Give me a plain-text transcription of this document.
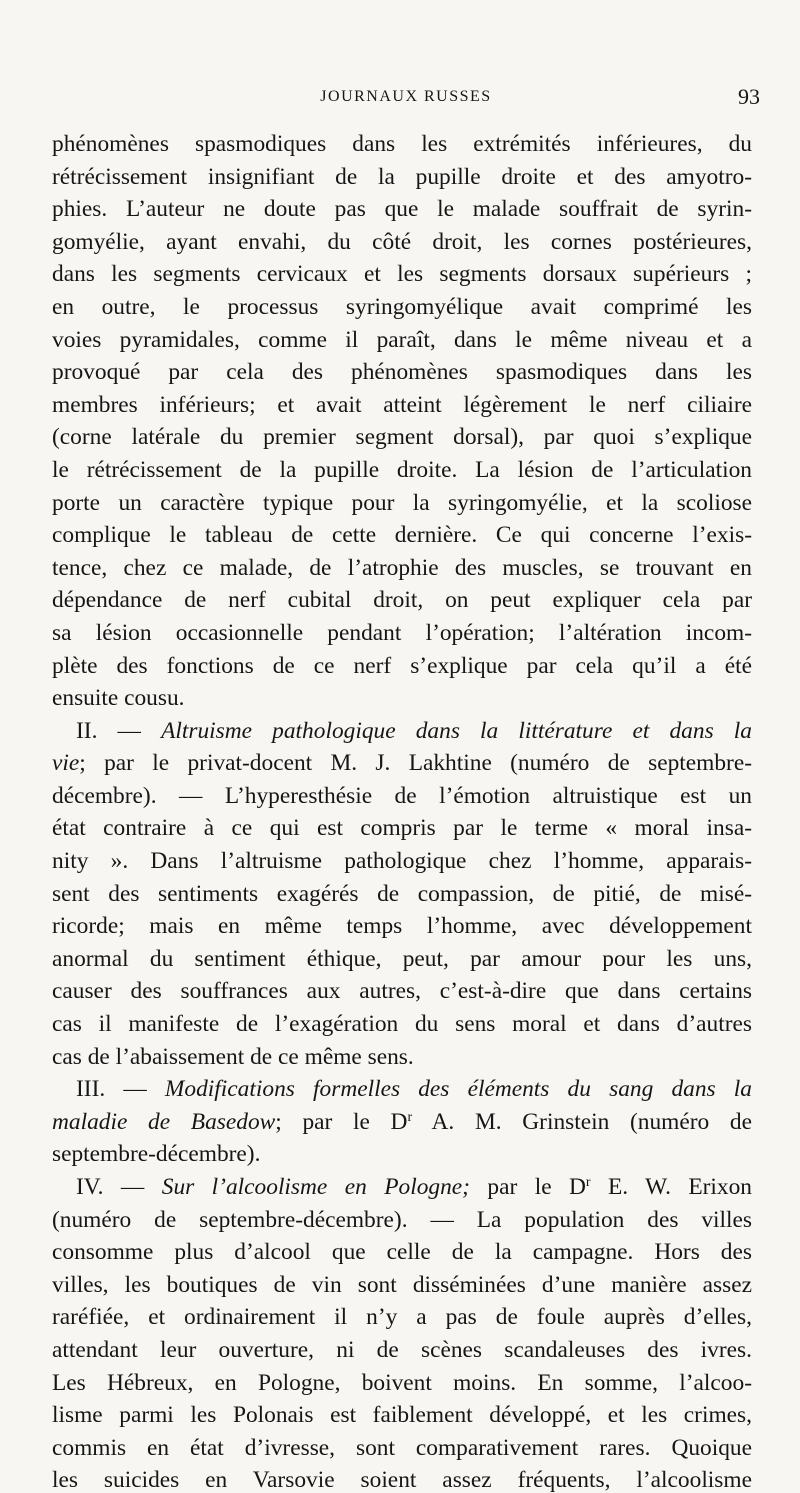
JOURNAUX RUSSES	93
phénomènes spasmodiques dans les extrémités inférieures, du
rétrécissement insignifiant de la pupille droite et des amyotro-
phies. L’auteur ne doute pas que le malade souffrait de syrin-
gomyélie, ayant envahi, du côté droit, les cornes postérieures,
dans les segments cervicaux et les segments dorsaux supérieurs ;
en outre, le processus syringomyélique avait comprimé les
voies pyramidales, comme il paraît, dans le même niveau et a
provoqué par cela des phénomènes spasmodiques dans les
membres inférieurs; et avait atteint légèrement le nerf ciliaire
(corne latérale du premier segment dorsal), par quoi s’explique
le rétrécissement de la pupille droite. La lésion de l’articulation
porte un caractère typique pour la syringomyélie, et la scoliose
complique le tableau de cette dernière. Ce qui concerne l’exis-
tence, chez ce malade, de l’atrophie des muscles, se trouvant en
dépendance de nerf cubital droit, on peut expliquer cela par
sa lésion occasionnelle pendant l’opération; l’altération incom-
plète des fonctions de ce nerf s’explique par cela qu’il a été
ensuite cousu.
II. — Altruisme pathologique dans la littérature et dans la
vie; par le privat-docent M. J. Lakhtine (numéro de septembre-
décembre). — L’hyperesthésie de l’émotion altruistique est un
état contraire à ce qui est compris par le terme « moral insa-
nity ». Dans l’altruisme pathologique chez l’homme, apparais-
sent des sentiments exagérés de compassion, de pitié, de misé-
ricorde; mais en même temps l’homme, avec développement
anormal du sentiment éthique, peut, par amour pour les uns,
causer des souffrances aux autres, c’est-à-dire que dans certains
cas il manifeste de l’exagération du sens moral et dans d’autres
cas de l’abaissement de ce même sens.
III. — Modifications formelles des éléments du sang dans la
maladie de Basedow; par le $D^r$ A. M. Grinstein (numéro de
septembre-décembre).
IV. — Sur l’alcoolisme en Pologne; par le $D^r$ E. W. Erixon
(numéro de septembre-décembre). — La population des villes
consomme plus d’alcool que celle de la campagne. Hors des
villes, les boutiques de vin sont disséminées d’une manière assez
raréfiée, et ordinairement il n’y a pas de foule auprès d’elles,
attendant leur ouverture, ni de scènes scandaleuses des ivres.
Les Hébreux, en Pologne, boivent moins. En somme, l’alcoo-
lisme parmi les Polonais est faiblement développé, et les crimes,
commis en état d’ivresse, sont comparativement rares. Quoique
les suicides en Varsovie soient assez fréquents, l’alcoolisme
